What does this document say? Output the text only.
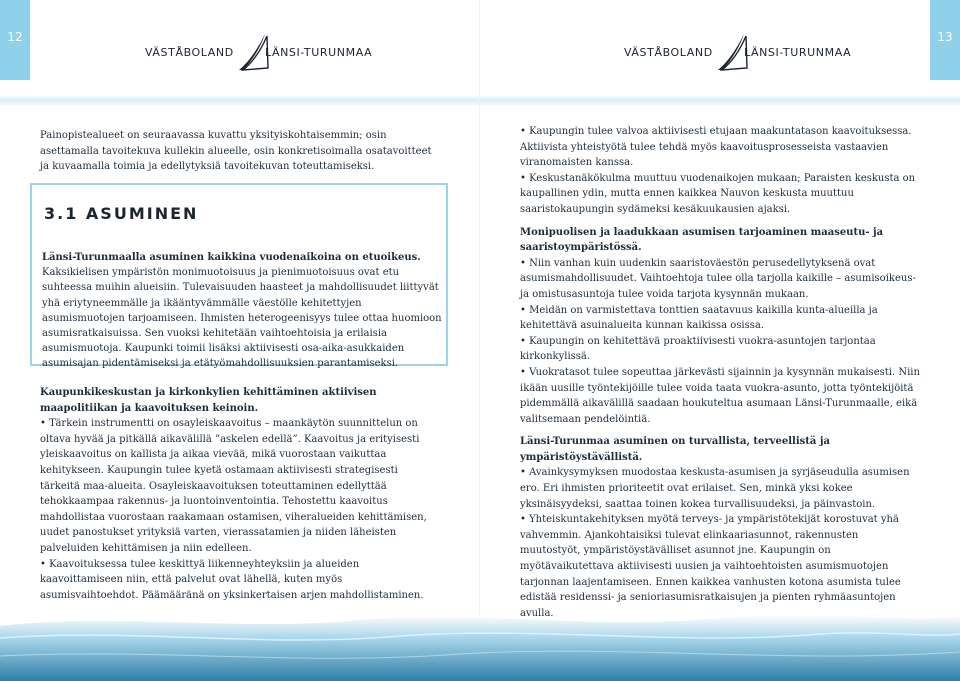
12
VÄSTÅBOLAND	LÄNSI-TURUNMAA
Painopistealueet on seuraavassa kuvattu yksityiskohtaisemmin; osin asettamalla tavoitekuva kullekin alueelle, osin konkretisoimalla osatavoitteet ja kuvaamalla toimia ja edellytyksiä tavoitekuvan toteuttamiseksi.
3.1 ASUMINEN

Länsi-Turunmaalla asuminen kaikkina vuodenaikoina on etuoikeus.

Kaksikielisen ympäristön monimuotoisuus ja pienimuotoisuus ovat etu suhteessa muihin alueisiin. Tulevaisuuden haasteet ja mahdollisuudet liittyvät yhä eriytyneemmälle ja ikääntyvämmälle väestölle kehitettyjen asumismuotojen tarjoamiseen. Ihmisten heterogeenisyys tulee ottaa huomioon asumisratkaisuissa. Sen vuoksi kehitetään vaihtoehtoisia ja erilaisia asumismuotoja. Kaupunki toimii lisäksi aktiivisesti osa-aika-asukkaiden asumisajan pidentämiseksi ja etätyömahdollisuuksien parantamiseksi.

Kaupunkikeskustan ja kirkonkylien kehittäminen aktiivisen maapolitiikan ja kaavoituksen keinoin.

• Tärkein instrumentti on osayleiskaavoitus – maankäytön suunnittelun on oltava hyvää ja pitkällä aikavälillä ”askelen edellä”. Kaavoitus ja erityisesti yleiskaavoitus on kallista ja aikaa vievää, mikä vuorostaan vaikuttaa kehitykseen. Kaupungin tulee kyetä ostamaan aktiivisesti strategisesti tärkeitä maa-alueita. Osayleiskaavoituksen toteuttaminen edellyttää tehokkaampaa rakennus- ja luontoinventointia. Tehostettu kaavoitus mahdollistaa vuorostaan raakamaan ostamisen, viheralueiden kehittämisen, uudet panostukset yrityksiä varten, vierassatamien ja niiden läheisten palveluiden kehittämisen ja niin edelleen.

• Kaavoituksessa tulee keskittyä liikenneyhteyksiin ja alueiden kaavoittamiseen niin, että palvelut ovat lähellä, kuten myös asumisvaihtoehdot. Päämääränä on yksinkertaisen arjen mahdollistaminen.

13
VÄSTÅBOLAND	LÄNSI-TURUNMAA

• Kaupungin tulee valvoa aktiivisesti etujaan maakuntatason kaavoituksessa. Aktiivista yhteistyötä tulee tehdä myös kaavoitusprosesseista vastaavien viranomaisten kanssa.

• Keskustanäkökulma muuttuu vuodenaikojen mukaan; Paraisten keskusta on kaupallinen ydin, mutta ennen kaikkea Nauvon keskusta muuttuu saaristokaupungin sydämeksi kesäkuukausien ajaksi.

Monipuolisen ja laadukkaan asumisen tarjoaminen maaseutu- ja saaristoympäristössä.

• Niin vanhan kuin uudenkin saaristoväestön perusedellytyksenä ovat asumismahdollisuudet. Vaihtoehtoja tulee olla tarjolla kaikille – asumisoikeus- ja omistusasuntoja tulee voida tarjota kysynnän mukaan.

• Meidän on varmistettava tonttien saatavuus kaikilla kunta-alueilla ja kehitettävä asuinalueita kunnan kaikissa osissa.

• Kaupungin on kehitettävä proaktiivisesti vuokra-asuntojen tarjontaa kirkonkylissä.

• Vuokratasot tulee sopeuttaa järkevästi sijainnin ja kysynnän mukaisesti. Niin ikään uusille työntekijöille tulee voida taata vuokra-asunto, jotta työntekijöitä pidemmällä aikavälillä saadaan houkuteltua asumaan Länsi-Turunmaalle, eikä valitsemaan pendelöintiä.

Länsi-Turunmaa asuminen on turvallista, terveellistä ja ympäristöystävällistä.

• Avainkysymyksen muodostaa keskusta-asumisen ja syrjäseudulla asumisen ero. Eri ihmisten prioriteetit ovat erilaiset. Sen, minkä yksi kokee yksinäisyydeksi, saattaa toinen kokea turvallisuudeksi, ja päinvastoin.

• Yhteiskuntakehityksen myötä terveys- ja ympäristötekijät korostuvat yhä vahvemmin. Ajankohtaisiksi tulevat elinkaariasunnot, rakennusten muutostyöt, ympäristöystävälliset asunnot jne. Kaupungin on myötävaikutettava aktiivisesti uusien ja vaihtoehtoisten asumismuotojen tarjonnan laajentamiseen. Ennen kaikkea vanhusten kotona asumista tulee edistää residenssi- ja senioriasumisratkaisujen ja pienten ryhmäasuntojen avulla.

•
